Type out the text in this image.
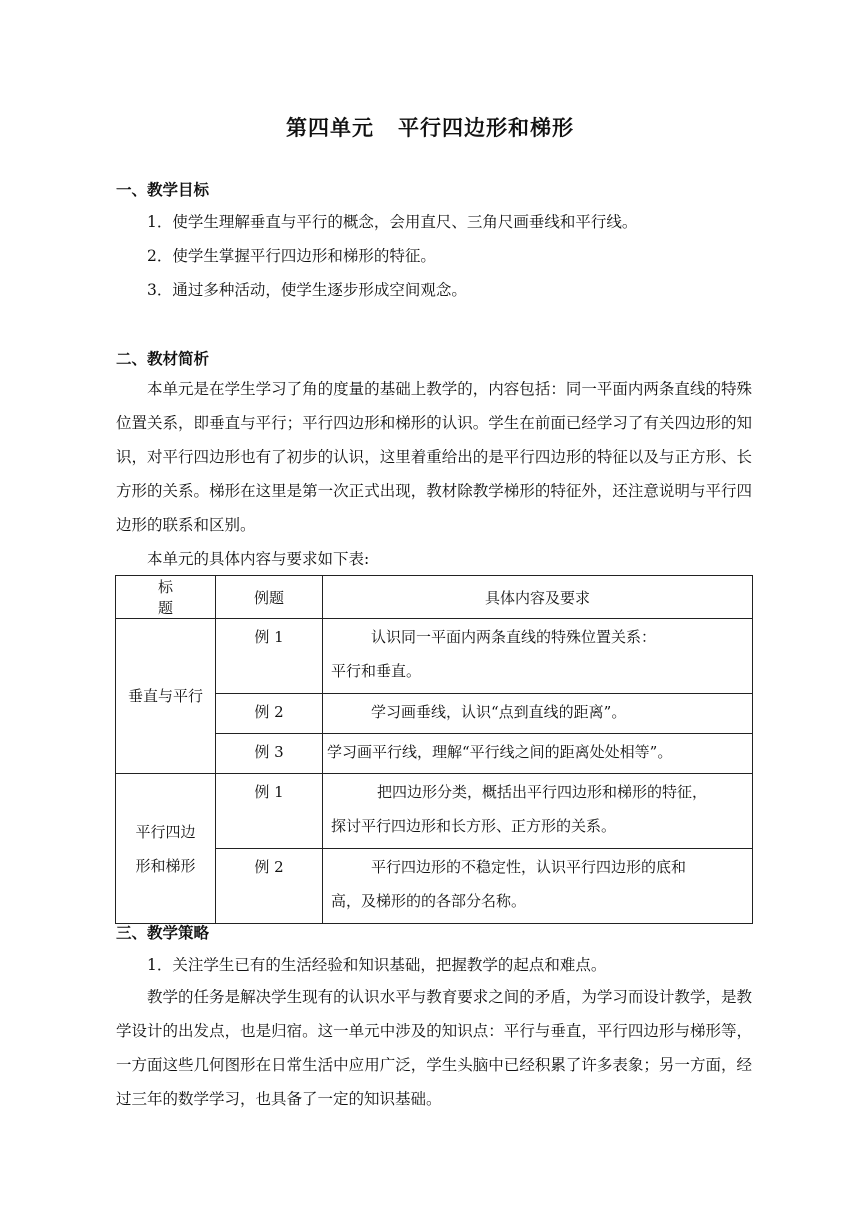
第四单元 平行四边形和梯形
一、教学目标
1．使学生理解垂直与平行的概念，会用直尺、三角尺画垂线和平行线。
2．使学生掌握平行四边形和梯形的特征。
3．通过多种活动，使学生逐步形成空间观念。
二、教材简析
本单元是在学生学习了角的度量的基础上教学的，内容包括：同一平面内两条直线的特殊位置关系，即垂直与平行；平行四边形和梯形的认识。学生在前面已经学习了有关四边形的知识，对平行四边形也有了初步的认识，这里着重给出的是平行四边形的特征以及与正方形、长方形的关系。梯形在这里是第一次正式出现，教材除教学梯形的特征外，还注意说明与平行四边形的联系和区别。
本单元的具体内容与要求如下表:
标题	例题	具体内容及要求
垂直与平行	例 1	认识同一平面内两条直线的特殊位置关系：
平行和垂直。
	例 2	学习画垂线，认识“点到直线的距离”。
	例 3	学习画平行线，理解“平行线之间的距离处处相等”。
平行四边
形和梯形	例 1	把四边形分类，概括出平行四边形和梯形的特征，
探讨平行四边形和长方形、正方形的关系。
	例 2	平行四边形的不稳定性，认识平行四边形的底和
高，及梯形的的各部分名称。
三、教学策略
1．关注学生已有的生活经验和知识基础，把握教学的起点和难点。
教学的任务是解决学生现有的认识水平与教育要求之间的矛盾，为学习而设计教学，是教学设计的出发点，也是归宿。这一单元中涉及的知识点：平行与垂直，平行四边形与梯形等，一方面这些几何图形在日常生活中应用广泛，学生头脑中已经积累了许多表象；另一方面，经过三年的数学学习，也具备了一定的知识基础。
